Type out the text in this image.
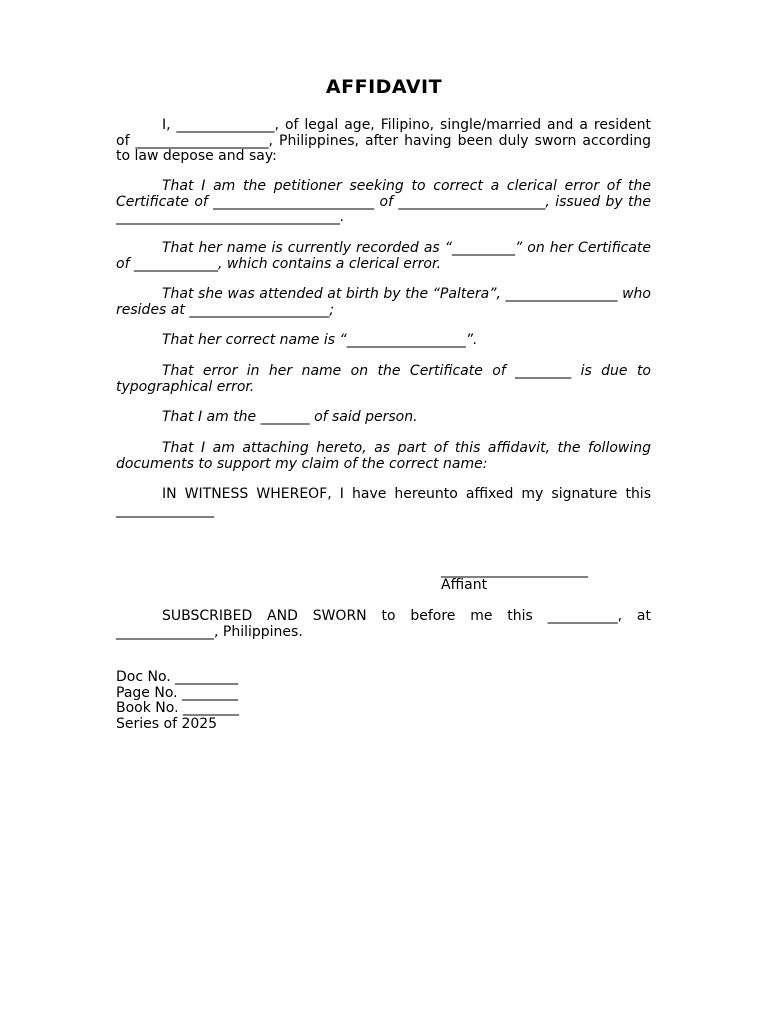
AFFIDAVIT

I, ______________, of legal age, Filipino, single/married and a resident of ___________________, Philippines, after having been duly sworn according to law depose and say:

That I am the petitioner seeking to correct a clerical error of the Certificate of _______________________ of _____________________, issued by the ________________________________.

That her name is currently recorded as “_________” on her Certificate of ____________, which contains a clerical error.

That she was attended at birth by the “Paltera”, ________________ who resides at ____________________;

That her correct name is “_________________”.

That error in her name on the Certificate of ________ is due to typographical error.

That I am the _______ of said person.

That I am attaching hereto, as part of this affidavit, the following documents to support my claim of the correct name:

IN WITNESS WHEREOF, I have hereunto affixed my signature this ______________

_____________________
Affiant

SUBSCRIBED AND SWORN to before me this __________, at ______________, Philippines.

Doc No. _________
Page No. ________
Book No. ________
Series of 2025
